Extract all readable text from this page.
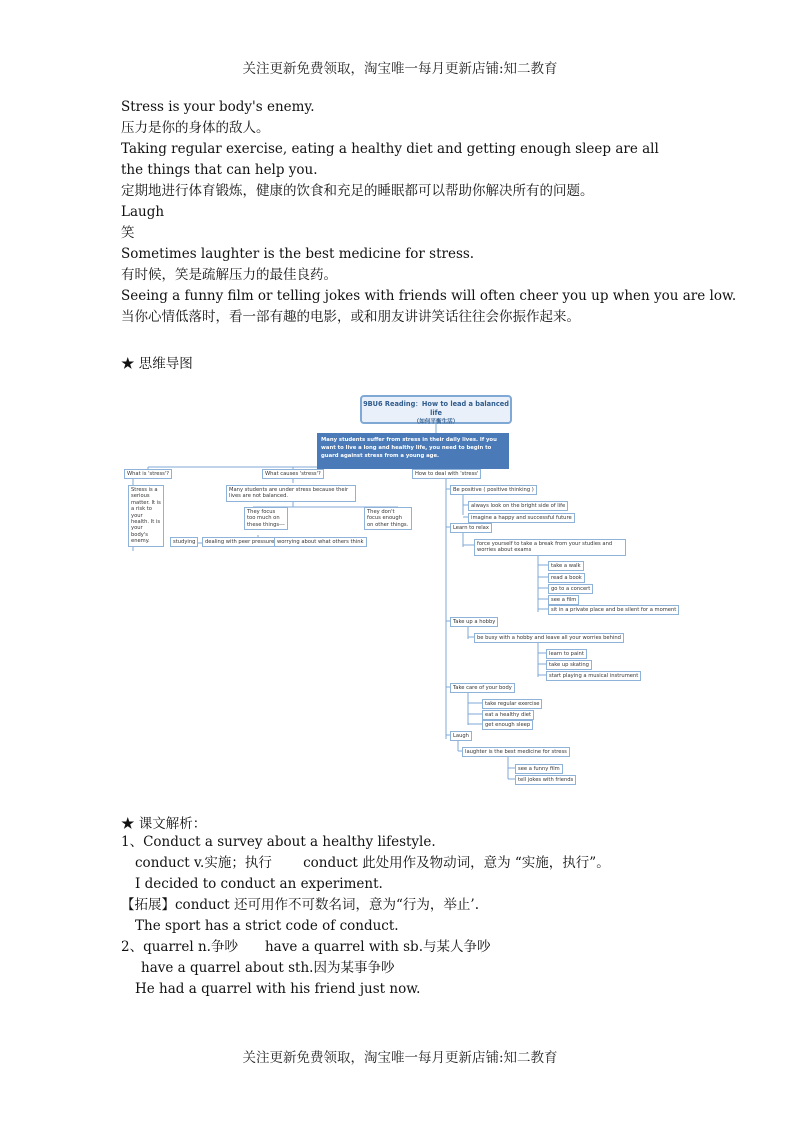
关注更新免费领取，淘宝唯一每月更新店铺:知二教育
Stress is your body's enemy.
压力是你的身体的敌人。
Taking regular exercise, eating a healthy diet and getting enough sleep are all the things that can help you.
定期地进行体育锻炼，健康的饮食和充足的睡眠都可以帮助你解决所有的问题。
Laugh
笑
Sometimes laughter is the best medicine for stress.
有时候，笑是疏解压力的最佳良药。
Seeing a funny film or telling jokes with friends will often cheer you up when you are low.
当你心情低落时，看一部有趣的电影，或和朋友讲讲笑话往往会你振作起来。
★ 思维导图
9BU6 Reading：How to lead a balanced life
（如何平衡生活）
Many students suffer from stress in their daily lives. If you want to live a long and healthy life, you need to begin to guard against stress from a young age.
What is 'stress'?
Stress is a serious matter. It is a risk to your health. It is your body's enemy.
What causes 'stress'?
Many students are under stress because their lives are not balanced.
They focus too much on these things---
They don't focus enough on other things.
studying	dealing with peer pressure worrying about what others think
How to deal with 'stress'
Be positive ( positive thinking )
always look on the bright side of life
imagine a happy and successful future
Learn to relax
force yourself to take a break from your studies and worries about exams
take a walk
read a book
go to a concert
see a film
sit in a private place and be silent for a moment
Take up a hobby
be busy with a hobby and leave all your worries behind
learn to paint
take up skating
start playing a musical instrument
Take care of your body
take regular exercise
eat a healthy diet
get enough sleep
Laugh
laughter is the best medicine for stress
see a funny film
tell jokes with friends
★ 课文解析：
1、Conduct a survey about a healthy lifestyle.
conduct v.实施；执行　　 conduct 此处用作及物动词，意为 “实施，执行”。
I decided to conduct an experiment.
【拓展】conduct 还可用作不可数名词，意为“行为，举止’.
The sport has a strict code of conduct.
2、quarrel n.争吵　　have a quarrel with sb.与某人争吵
have a quarrel about sth.因为某事争吵
He had a quarrel with his friend just now.
关注更新免费领取，淘宝唯一每月更新店铺:知二教育
